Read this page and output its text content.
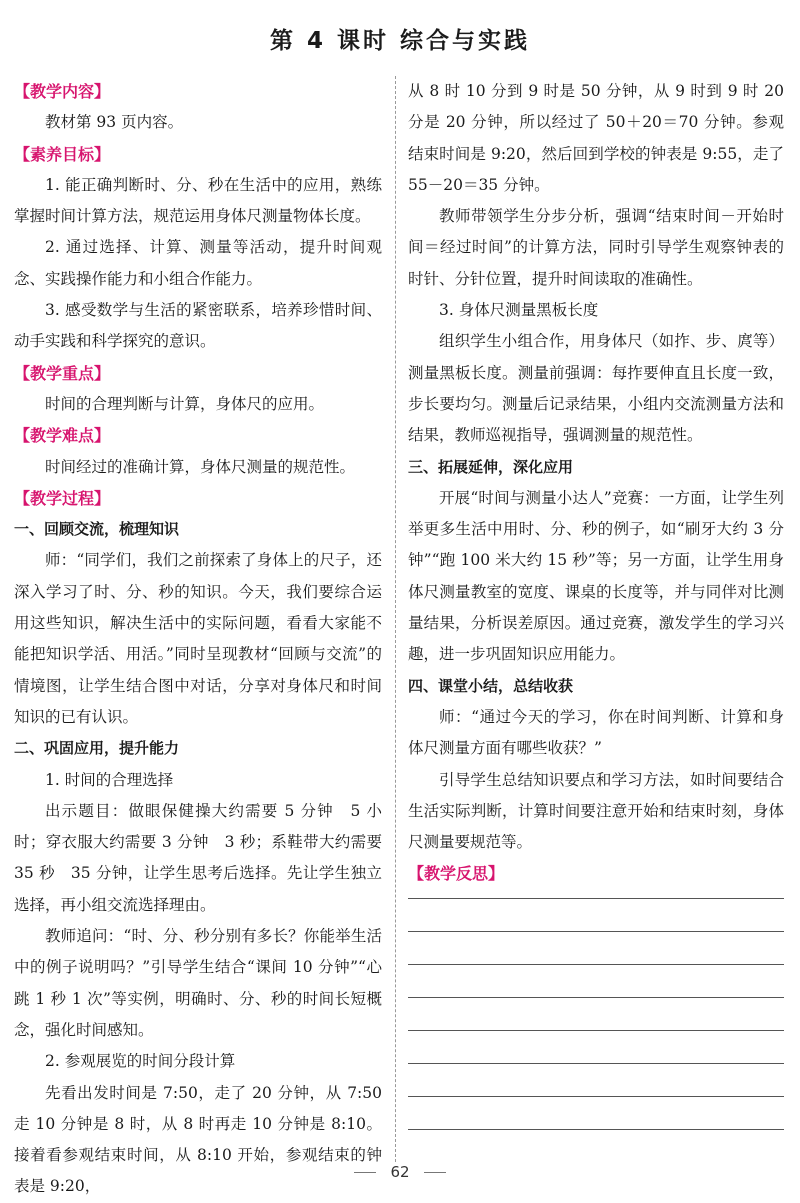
第 4 课时 综合与实践

【教学内容】

教材第 93 页内容。

【素养目标】

1. 能正确判断时、分、秒在生活中的应用，熟练掌握时间计算方法，规范运用身体尺测量物体长度。

2. 通过选择、计算、测量等活动，提升时间观念、实践操作能力和小组合作能力。

3. 感受数学与生活的紧密联系，培养珍惜时间、动手实践和科学探究的意识。

【教学重点】

时间的合理判断与计算，身体尺的应用。

【教学难点】

时间经过的准确计算，身体尺测量的规范性。

【教学过程】

一、回顾交流，梳理知识

师：“同学们，我们之前探索了身体上的尺子，还深入学习了时、分、秒的知识。今天，我们要综合运用这些知识，解决生活中的实际问题，看看大家能不能把知识学活、用活。”同时呈现教材“回顾与交流”的情境图，让学生结合图中对话，分享对身体尺和时间知识的已有认识。

二、巩固应用，提升能力

1. 时间的合理选择

出示题目：做眼保健操大约需要 5 分钟　5 小时；穿衣服大约需要 3 分钟　3 秒；系鞋带大约需要 35 秒　35 分钟，让学生思考后选择。先让学生独立选择，再小组交流选择理由。

教师追问：“时、分、秒分别有多长？你能举生活中的例子说明吗？”引导学生结合“课间 10 分钟”“心跳 1 秒 1 次”等实例，明确时、分、秒的时间长短概念，强化时间感知。

2. 参观展览的时间分段计算

先看出发时间是 7:50，走了 20 分钟，从 7:50 走 10 分钟是 8 时，从 8 时再走 10 分钟是 8:10。接着看参观结束时间，从 8:10 开始，参观结束的钟表是 9:20，

从 8 时 10 分到 9 时是 50 分钟，从 9 时到 9 时 20 分是 20 分钟，所以经过了 50＋20＝70 分钟。参观结束时间是 9:20，然后回到学校的钟表是 9:55，走了 55－20＝35 分钟。

教师带领学生分步分析，强调“结束时间－开始时间＝经过时间”的计算方法，同时引导学生观察钟表的时针、分针位置，提升时间读取的准确性。

3. 身体尺测量黑板长度

组织学生小组合作，用身体尺（如拃、步、庹等）测量黑板长度。测量前强调：每拃要伸直且长度一致，步长要均匀。测量后记录结果，小组内交流测量方法和结果，教师巡视指导，强调测量的规范性。

三、拓展延伸，深化应用

开展“时间与测量小达人”竞赛：一方面，让学生列举更多生活中用时、分、秒的例子，如“刷牙大约 3 分钟”“跑 100 米大约 15 秒”等；另一方面，让学生用身体尺测量教室的宽度、课桌的长度等，并与同伴对比测量结果，分析误差原因。通过竞赛，激发学生的学习兴趣，进一步巩固知识应用能力。

四、课堂小结，总结收获

师：“通过今天的学习，你在时间判断、计算和身体尺测量方面有哪些收获？”

引导学生总结知识要点和学习方法，如时间要结合生活实际判断，计算时间要注意开始和结束时刻，身体尺测量要规范等。

【教学反思】

62
